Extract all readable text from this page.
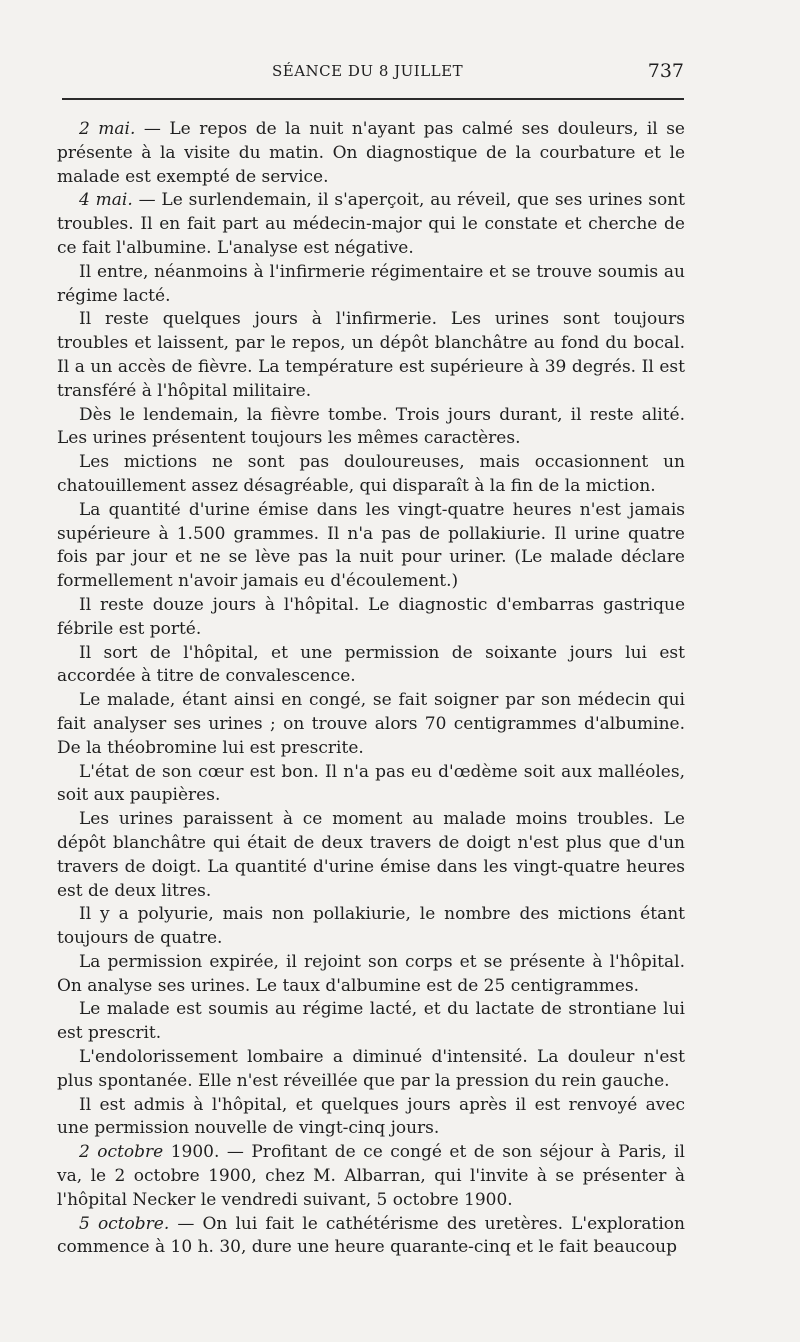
SÉANCE DU 8 JUILLET	737

2 mai. — Le repos de la nuit n'ayant pas calmé ses douleurs, il se présente à la visite du matin. On diagnostique de la courbature et le malade est exempté de service.

4 mai. — Le surlendemain, il s'aperçoit, au réveil, que ses urines sont troubles. Il en fait part au médecin-major qui le constate et cherche de ce fait l'albumine. L'analyse est négative.

Il entre, néanmoins à l'infirmerie régimentaire et se trouve soumis au régime lacté.

Il reste quelques jours à l'infirmerie. Les urines sont toujours troubles et laissent, par le repos, un dépôt blanchâtre au fond du bocal. Il a un accès de fièvre. La température est supérieure à 39 degrés. Il est transféré à l'hôpital militaire.

Dès le lendemain, la fièvre tombe. Trois jours durant, il reste alité. Les urines présentent toujours les mêmes caractères.

Les mictions ne sont pas douloureuses, mais occasionnent un chatouillement assez désagréable, qui disparaît à la fin de la miction.

La quantité d'urine émise dans les vingt-quatre heures n'est jamais supérieure à 1.500 grammes. Il n'a pas de pollakiurie. Il urine quatre fois par jour et ne se lève pas la nuit pour uriner. (Le malade déclare formellement n'avoir jamais eu d'écoulement.)

Il reste douze jours à l'hôpital. Le diagnostic d'embarras gastrique fébrile est porté.

Il sort de l'hôpital, et une permission de soixante jours lui est accordée à titre de convalescence.

Le malade, étant ainsi en congé, se fait soigner par son médecin qui fait analyser ses urines ; on trouve alors 70 centigrammes d'albumine. De la théobromine lui est prescrite.

L'état de son cœur est bon. Il n'a pas eu d'œdème soit aux malléoles, soit aux paupières.

Les urines paraissent à ce moment au malade moins troubles. Le dépôt blanchâtre qui était de deux travers de doigt n'est plus que d'un travers de doigt. La quantité d'urine émise dans les vingt-quatre heures est de deux litres.

Il y a polyurie, mais non pollakiurie, le nombre des mictions étant toujours de quatre.

La permission expirée, il rejoint son corps et se présente à l'hôpital. On analyse ses urines. Le taux d'albumine est de 25 centigrammes.

Le malade est soumis au régime lacté, et du lactate de strontiane lui est prescrit.

L'endolorissement lombaire a diminué d'intensité. La douleur n'est plus spontanée. Elle n'est réveillée que par la pression du rein gauche.

Il est admis à l'hôpital, et quelques jours après il est renvoyé avec une permission nouvelle de vingt-cinq jours.

2 octobre 1900. — Profitant de ce congé et de son séjour à Paris, il va, le 2 octobre 1900, chez M. Albarran, qui l'invite à se présenter à l'hôpital Necker le vendredi suivant, 5 octobre 1900.

5 octobre. — On lui fait le cathétérisme des uretères. L'exploration commence à 10 h. 30, dure une heure quarante-cinq et le fait beaucoup
